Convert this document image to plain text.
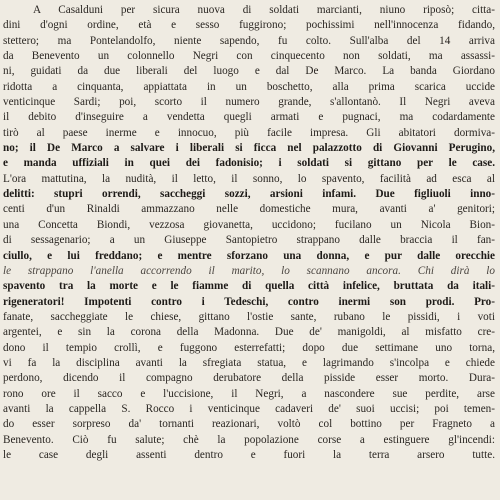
A Casalduni per sicura nuova di soldati marcianti, niuno riposò; citta-
dini d'ogni ordine, età e sesso fuggirono; pochissimi nell'innocenza fidando,
stettero; ma Pontelandolfo, niente sapendo, fu colto. Sull'alba del 14 arriva
da Benevento un colonnello Negri con cinquecento non soldati, ma assassi-
ni, guidati da due liberali del luogo e dal De Marco. La banda Giordano
ridotta a cinquanta, appiattata in un boschetto, alla prima scarica uccide
venticinque Sardi; poi, scorto il numero grande, s'allontanò. Il Negri aveva
il debito d'inseguire a vendetta quegli armati e pugnaci, ma codardamente
tirò al paese inerme e innocuo, più facile impresa. Gli abitatori dormiva-
no; il De Marco a salvare i liberali si ficca nel palazzotto di Giovanni Perugino,
e manda uffiziali in quei dei fadonisio; i soldati si gittano per le case.
L'ora mattutina, la nudità, il letto, il sonno, lo spavento, facilità ad esca al
delitti: stupri orrendi, saccheggi sozzi, arsioni infami. Due figliuoli inno-
centi d'un Rinaldi ammazzano nelle domestiche mura, avanti a' genitori;
una Concetta Biondi, vezzosa giovanetta, uccidono; fucilano un Nicola Bion-
di sessagenario; a un Giuseppe Santopietro strappano dalle braccia il fan-
ciullo, e lui freddano; e mentre sforzano una donna, e pur dalle orecchie
le strappano l'anella accorrendo il marito, lo scannano ancora. Chi dirà lo
spavento tra la morte e le fiamme di quella città infelice, bruttata da itali-
rigeneratori! Impotenti contro i Tedeschi, contro inermi son prodi. Pro-
fanate, saccheggiate le chiese, gittano l'ostie sante, rubano le pissidi, i voti
argentei, e sin la corona della Madonna. Due de' manigoldi, al misfatto cre-
dono il tempio crollì, e fuggono esterrefatti; dopo due settimane uno torna,
vi fa la disciplina avanti la sfregiata statua, e lagrimando s'incolpa e chiede
perdono, dicendo il compagno derubatore della pisside esser morto. Dura-
rono ore il sacco e l'uccisione, il Negri, a nascondere sue perdite, arse
avanti la cappella S. Rocco i venticinque cadaveri de' suoi uccisi; poi temen-
do esser sorpreso da' tornanti reazionari, voltò col bottino per Fragneto a
Benevento. Ciò fu salute; chè la popolazione corse a estinguere gl'incendi:
le case degli assenti dentro e fuori la terra arsero tutte.
